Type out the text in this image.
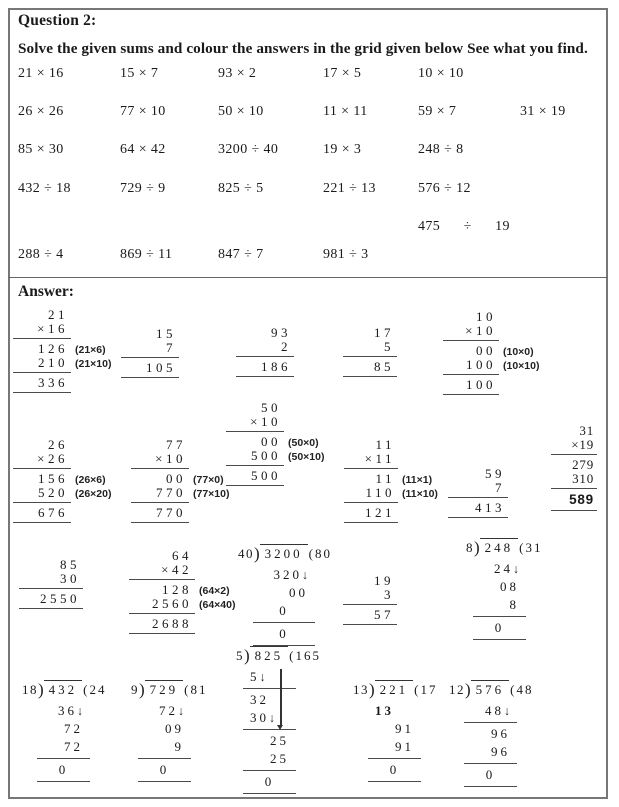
Question 2:
Solve the given sums and colour the answers in the grid given below See what you find.
Answer:
21 × 16	15 × 7	93 × 2	17 × 5	10 × 10
26 × 26	77 × 10	50 × 10	11 × 11	59 × 7	31 × 19
85 × 30	64 × 42	3200 ÷ 40	19 × 3	248 ÷ 8
432 ÷ 18	729 ÷ 9	825 ÷ 5	221 ÷ 13	576 ÷ 12
475      ÷      19
288 ÷ 4	869 ÷ 11	847 ÷ 7	981 ÷ 3
21
×16
126 (21×6)
210 (21×10)
336
15
7
105
93
2
186
17
5
85
10
×10
00 (10×0)
100 (10×10)
100
26
×26
156 (26×6)
520 (26×20)
676
77
×10
00 (77×0)
770 (77×10)
770
50
×10
00 (50×0)
500 (50×10)
500
11
×11
11 (11×1)
110 (11×10)
121
59
7
413
31
×19
279
310
589
85
30
2550
64
×42
128 (64×2)
2560 (64×40)
2688
40) 3200 (80
320↓
00
0
0
19
3
57
8) 248 (31
24↓
08
8
0
5) 825 (165
5↓
32
30↓
25
25
0
18) 432 (24
36↓
72
72
0
9) 729 (81
72↓
09
9
0
13) 221 (17
13
91
91
0
12) 576 (48
48↓
96
96
0
